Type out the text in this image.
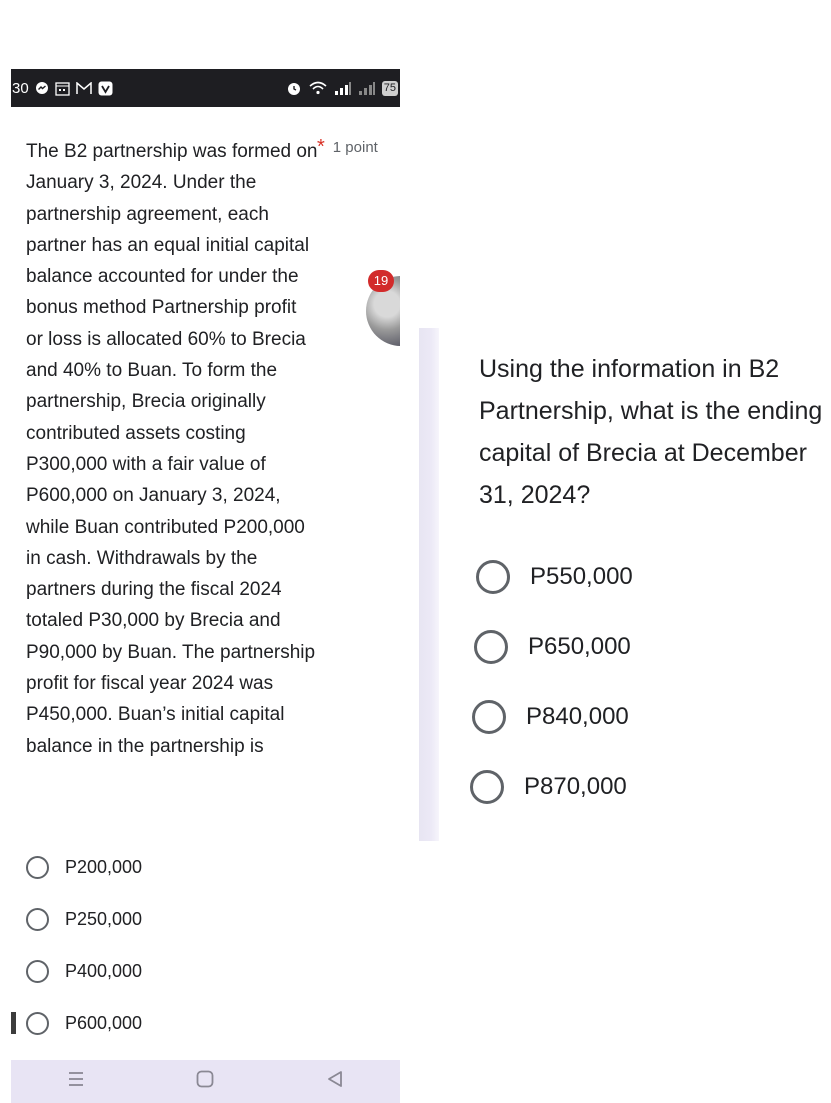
30	75
The B2 partnership was formed on January 3, 2024. Under the partnership agreement, each partner has an equal initial capital balance accounted for under the bonus method Partnership profit or loss is allocated 60% to Brecia and 40% to Buan. To form the partnership, Brecia originally contributed assets costing P300,000 with a fair value of P600,000 on January 3, 2024, while Buan contributed P200,000 in cash. Withdrawals by the partners during the fiscal 2024 totaled P30,000 by Brecia and P90,000 by Buan. The partnership profit for fiscal year 2024 was P450,000. Buan’s initial capital balance in the partnership is
* 1 point
19
P200,000
P250,000
P400,000
P600,000
Using the information in B2 Partnership, what is the ending capital of Brecia at December 31, 2024?
P550,000
P650,000
P840,000
P870,000
